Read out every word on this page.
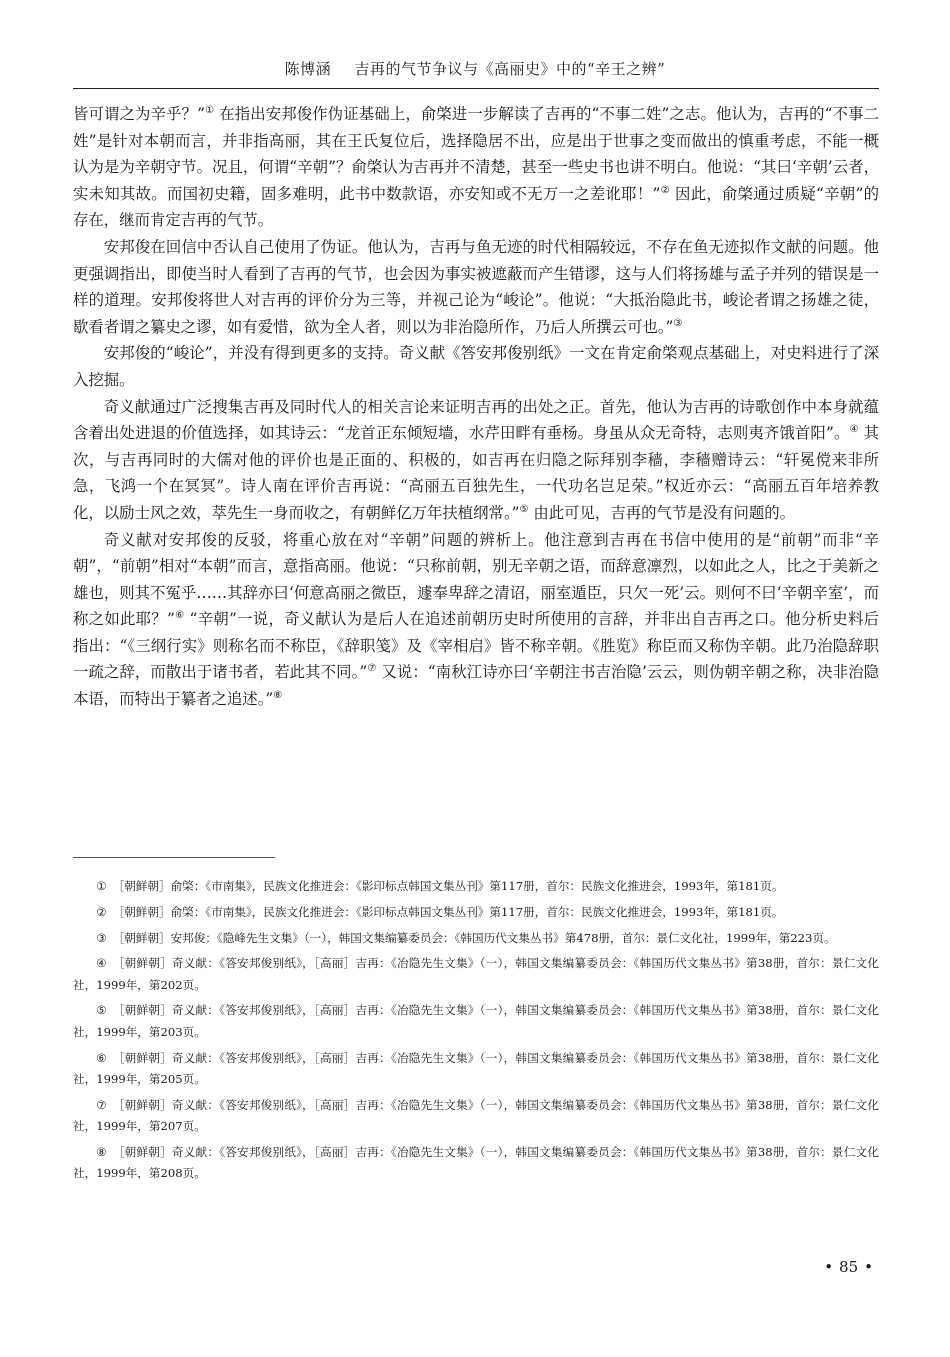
陈博涵 吉再的气节争议与《高丽史》中的“辛王之辨”

皆可谓之为辛乎？”① 在指出安邦俊作伪证基础上，俞棨进一步解读了吉再的“不事二姓”之志。他认为，吉再的“不事二姓”是针对本朝而言，并非指高丽，其在王氏复位后，选择隐居不出，应是出于世事之变而做出的慎重考虑，不能一概认为是为辛朝守节。况且，何谓“辛朝”？俞棨认为吉再并不清楚，甚至一些史书也讲不明白。他说：“其曰‘辛朝’云者，实未知其故。而国初史籍，固多难明，此书中数款语，亦安知或不无万一之差讹耶！”② 因此，俞棨通过质疑“辛朝”的存在，继而肯定吉再的气节。

安邦俊在回信中否认自己使用了伪证。他认为，吉再与鱼无迹的时代相隔较远，不存在鱼无迹拟作文献的问题。他更强调指出，即使当时人看到了吉再的气节，也会因为事实被遮蔽而产生错谬，这与人们将扬雄与孟子并列的错误是一样的道理。安邦俊将世人对吉再的评价分为三等，并视己论为“峻论”。他说：“大抵治隐此书，峻论者谓之扬雄之徒，歇看者谓之纂史之谬，如有爱惜，欲为全人者，则以为非治隐所作，乃后人所撰云可也。”③

安邦俊的“峻论”，并没有得到更多的支持。奇义献《答安邦俊别纸》一文在肯定俞棨观点基础上，对史料进行了深入挖掘。

奇义献通过广泛搜集吉再及同时代人的相关言论来证明吉再的出处之正。首先，他认为吉再的诗歌创作中本身就蕴含着出处进退的价值选择，如其诗云：“龙首正东倾短墙，水芹田畔有垂杨。身虽从众无奇特，志则夷齐饿首阳”。④ 其次，与吉再同时的大儒对他的评价也是正面的、积极的，如吉再在归隐之际拜别李穑，李穑赠诗云：“轩冕傥来非所急，飞鸿一个在冥冥”。诗人南在评价吉再说：“高丽五百独先生，一代功名岂足荣。”权近亦云：“高丽五百年培养教化，以励士风之效，萃先生一身而收之，有朝鲜亿万年扶植纲常。”⑤ 由此可见，吉再的气节是没有问题的。

奇义献对安邦俊的反驳，将重心放在对“辛朝”问题的辨析上。他注意到吉再在书信中使用的是“前朝”而非“辛朝”，“前朝”相对“本朝”而言，意指高丽。他说：“只称前朝，别无辛朝之语，而辞意凛烈，以如此之人，比之于美新之雄也，则其不冤乎……其辞亦曰‘何意高丽之微臣，遽奉卑辞之清诏，丽室遁臣，只欠一死’云。则何不曰‘辛朝辛室’，而称之如此耶？”⑥ “辛朝”一说，奇义献认为是后人在追述前朝历史时所使用的言辞，并非出自吉再之口。他分析史料后指出：“《三纲行实》则称名而不称臣，《辞职笺》及《宰相启》皆不称辛朝。《胜览》称臣而又称伪辛朝。此乃治隐辞职一疏之辞，而散出于诸书者，若此其不同。”⑦ 又说：“南秋江诗亦曰‘辛朝注书吉治隐’云云，则伪朝辛朝之称，决非治隐本语，而特出于纂者之追述。”⑧

① ［朝鲜朝］俞棨：《市南集》，民族文化推进会：《影印标点韩国文集丛刊》第117册，首尔：民族文化推进会，1993年，第181页。

② ［朝鲜朝］俞棨：《市南集》，民族文化推进会：《影印标点韩国文集丛刊》第117册，首尔：民族文化推进会，1993年，第181页。

③ ［朝鲜朝］安邦俊：《隐峰先生文集》（一），韩国文集编纂委员会：《韩国历代文集丛书》第478册，首尔：景仁文化社，1999年，第223页。

④ ［朝鲜朝］奇义献：《答安邦俊别纸》，［高丽］吉再：《冶隐先生文集》（一），韩国文集编纂委员会：《韩国历代文集丛书》第38册，首尔：景仁文化社，1999年，第202页。

⑤ ［朝鲜朝］奇义献：《答安邦俊别纸》，［高丽］吉再：《冶隐先生文集》（一），韩国文集编纂委员会：《韩国历代文集丛书》第38册，首尔：景仁文化社，1999年，第203页。

⑥ ［朝鲜朝］奇义献：《答安邦俊别纸》，［高丽］吉再：《冶隐先生文集》（一），韩国文集编纂委员会：《韩国历代文集丛书》第38册，首尔：景仁文化社，1999年，第205页。

⑦ ［朝鲜朝］奇义献：《答安邦俊别纸》，［高丽］吉再：《冶隐先生文集》（一），韩国文集编纂委员会：《韩国历代文集丛书》第38册，首尔：景仁文化社，1999年，第207页。

⑧ ［朝鲜朝］奇义献：《答安邦俊别纸》，［高丽］吉再：《冶隐先生文集》（一），韩国文集编纂委员会：《韩国历代文集丛书》第38册，首尔：景仁文化社，1999年，第208页。

• 85 •
